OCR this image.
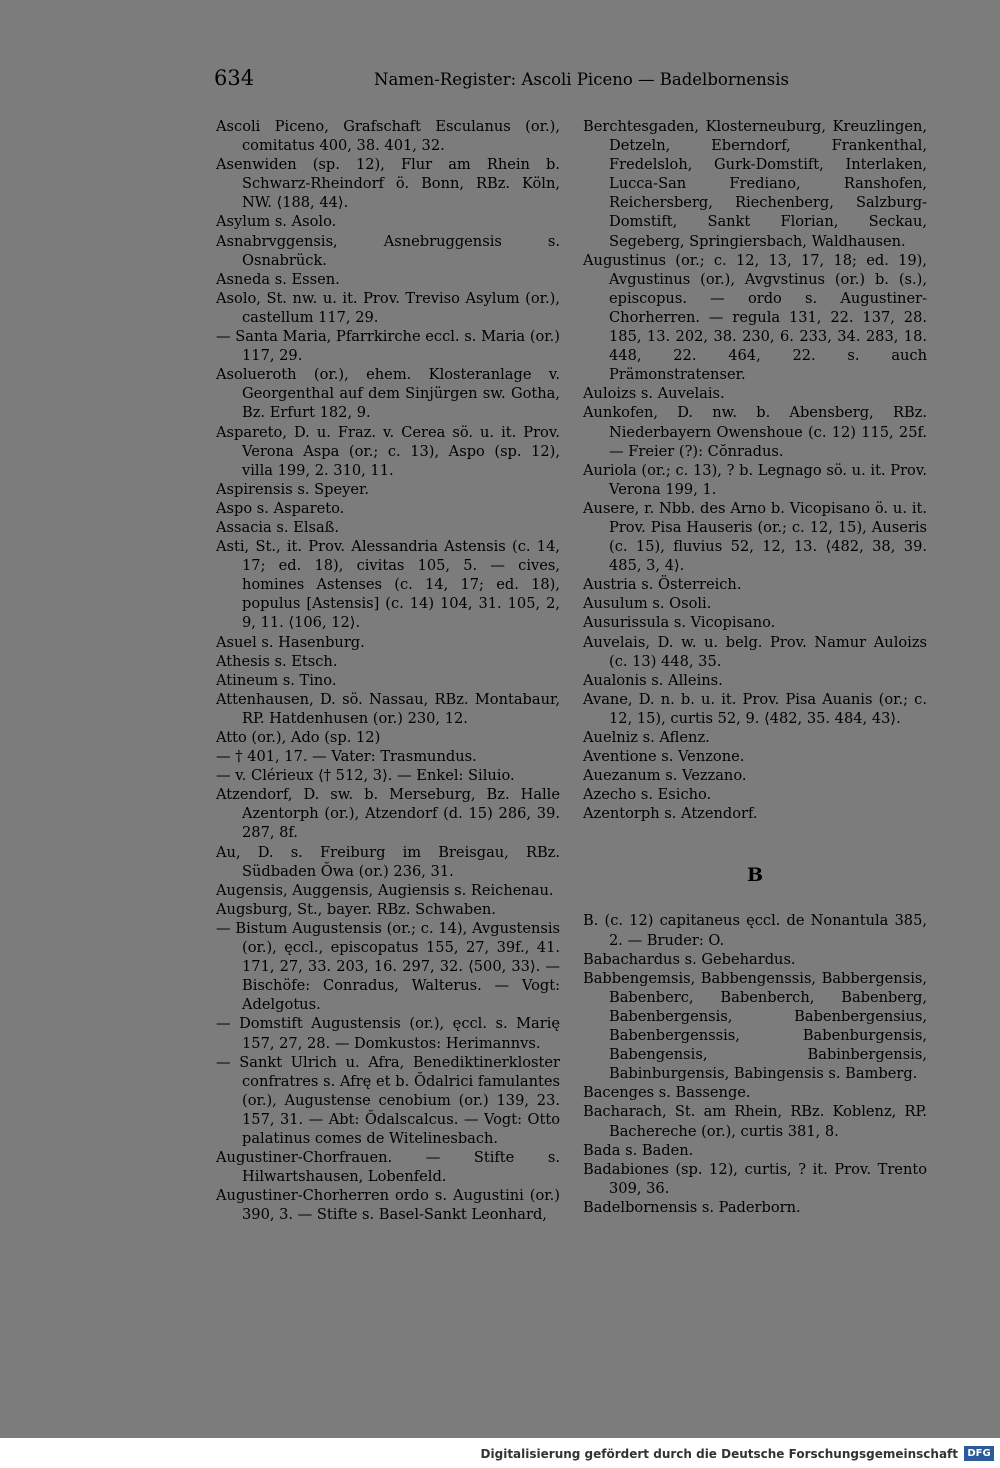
634	Namen-Register: Ascoli Piceno — Badelbornensis
Ascoli Piceno, Grafschaft Esculanus (or.), comitatus 400, 38. 401, 32.
Asenwiden (sp. 12), Flur am Rhein b. Schwarz-Rheindorf ö. Bonn, RBz. Köln, NW. ⟨188, 44⟩.
Asylum s. Asolo.
Asnabrvggensis, Asnebruggensis s. Osnabrück.
Asneda s. Essen.
Asolo, St. nw. u. it. Prov. Treviso Asylum (or.), castellum 117, 29.
— Santa Maria, Pfarrkirche eccl. s. Maria (or.) 117, 29.
Asolueroth (or.), ehem. Klosteranlage v. Georgenthal auf dem Sinjürgen sw. Gotha, Bz. Erfurt 182, 9.
Aspareto, D. u. Fraz. v. Cerea sö. u. it. Prov. Verona Aspa (or.; c. 13), Aspo (sp. 12), villa 199, 2. 310, 11.
Aspirensis s. Speyer.
Aspo s. Aspareto.
Assacia s. Elsaß.
Asti, St., it. Prov. Alessandria Astensis (c. 14, 17; ed. 18), civitas 105, 5. — cives, homines Astenses (c. 14, 17; ed. 18), populus [Astensis] (c. 14) 104, 31. 105, 2, 9, 11. ⟨106, 12⟩.
Asuel s. Hasenburg.
Athesis s. Etsch.
Atineum s. Tino.
Attenhausen, D. sö. Nassau, RBz. Montabaur, RP. Hatdenhusen (or.) 230, 12.
Atto (or.), Ado (sp. 12)
— † 401, 17. — Vater: Trasmundus.
— v. Clérieux ⟨† 512, 3⟩. — Enkel: Siluio.
Atzendorf, D. sw. b. Merseburg, Bz. Halle Azentorph (or.), Atzendorf (d. 15) 286, 39. 287, 8f.
Au, D. s. Freiburg im Breisgau, RBz. Südbaden Ŏwa (or.) 236, 31.
Augensis, Auggensis, Augiensis s. Reichenau.
Augsburg, St., bayer. RBz. Schwaben.
— Bistum Augustensis (or.; c. 14), Avgustensis (or.), ęccl., episcopatus 155, 27, 39f., 41. 171, 27, 33. 203, 16. 297, 32. ⟨500, 33⟩. — Bischöfe: Conradus, Walterus. — Vogt: Adelgotus.
— Domstift Augustensis (or.), ęccl. s. Marię 157, 27, 28. — Domkustos: Herimannvs.
— Sankt Ulrich u. Afra, Benediktinerkloster confratres s. Afrę et b. Ŏdalrici famulantes (or.), Augustense cenobium (or.) 139, 23. 157, 31. — Abt: Ŏdalscalcus. — Vogt: Otto palatinus comes de Witelinesbach.
Augustiner-Chorfrauen. — Stifte s. Hilwartshausen, Lobenfeld.
Augustiner-Chorherren ordo s. Augustini (or.) 390, 3. — Stifte s. Basel-Sankt Leonhard,
Berchtesgaden, Klosterneuburg, Kreuzlingen, Detzeln, Eberndorf, Frankenthal, Fredelsloh, Gurk-Domstift, Interlaken, Lucca-San Frediano, Ranshofen, Reichersberg, Riechenberg, Salzburg-Domstift, Sankt Florian, Seckau, Segeberg, Springiersbach, Waldhausen.
Augustinus (or.; c. 12, 13, 17, 18; ed. 19), Avgustinus (or.), Avgvstinus (or.) b. (s.), episcopus. — ordo s. Augustiner-Chorherren. — regula 131, 22. 137, 28. 185, 13. 202, 38. 230, 6. 233, 34. 283, 18. 448, 22. 464, 22. s. auch Prämonstratenser.
Auloizs s. Auvelais.
Aunkofen, D. nw. b. Abensberg, RBz. Niederbayern Owenshoue (c. 12) 115, 25f. — Freier (?): Cŏnradus.
Auriola (or.; c. 13), ? b. Legnago sö. u. it. Prov. Verona 199, 1.
Ausere, r. Nbb. des Arno b. Vicopisano ö. u. it. Prov. Pisa Hauseris (or.; c. 12, 15), Auseris (c. 15), fluvius 52, 12, 13. ⟨482, 38, 39. 485, 3, 4⟩.
Austria s. Österreich.
Ausulum s. Osoli.
Ausurissula s. Vicopisano.
Auvelais, D. w. u. belg. Prov. Namur Auloizs (c. 13) 448, 35.
Aualonis s. Alleins.
Avane, D. n. b. u. it. Prov. Pisa Auanis (or.; c. 12, 15), curtis 52, 9. ⟨482, 35. 484, 43⟩.
Auelniz s. Aflenz.
Aventione s. Venzone.
Auezanum s. Vezzano.
Azecho s. Esicho.
Azentorph s. Atzendorf.
B
B. (c. 12) capitaneus ęccl. de Nonantula 385, 2. — Bruder: O.
Babachardus s. Gebehardus.
Babbengemsis, Babbengenssis, Babbergensis, Babenberc, Babenberch, Babenberg, Babenbergensis, Babenbergensius, Babenbergenssis, Babenburgensis, Babengensis, Babinbergensis, Babinburgensis, Babingensis s. Bamberg.
Bacenges s. Bassenge.
Bacharach, St. am Rhein, RBz. Koblenz, RP. Bachereche (or.), curtis 381, 8.
Bada s. Baden.
Badabiones (sp. 12), curtis, ? it. Prov. Trento 309, 36.
Badelbornensis s. Paderborn.
Digitalisierung gefördert durch die Deutsche Forschungsgemeinschaft DFG
